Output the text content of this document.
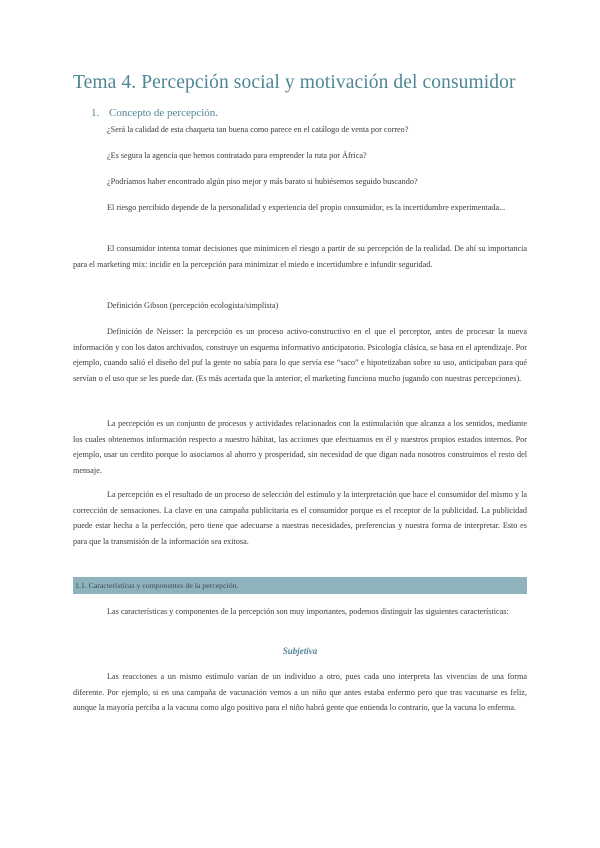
Tema 4. Percepción social y motivación del consumidor
1. Concepto de percepción.

¿Será la calidad de esta chaqueta tan buena como parece en el catálogo de venta por correo?

¿Es segura la agencia que hemos contratado para emprender la ruta por África?

¿Podríamos haber encontrado algún piso mejor y más barato si hubiésemos seguido buscando?

El riesgo percibido depende de la personalidad y experiencia del propio consumidor, es la incertidumbre experimentada...

El consumidor intenta tomar decisiones que minimicen el riesgo a partir de su percepción de la realidad. De ahí su importancia para el marketing mix: incidir en la percepción para minimizar el miedo e incertidumbre e infundir seguridad.

Definición Gibson (percepción ecologista/simplista)

Definición de Neisser: la percepción es un proceso activo-constructivo en el que el perceptor, antes de procesar la nueva información y con los datos archivados, construye un esquema informativo anticipatorio. Psicología clásica, se basa en el aprendizaje. Por ejemplo, cuando salió el diseño del puf la gente no sabía para lo que servía ese “saco” e hipotetizaban sobre su uso, anticipaban para qué servían o el uso que se les puede dar. (Es más acertada que la anterior, el marketing funciona mucho jugando con nuestras percepciones).

La percepción es un conjunto de procesos y actividades relacionados con la estimulación que alcanza a los sentidos, mediante los cuales obtenemos información respecto a nuestro hábitat, las acciones que efectuamos en él y nuestros propios estados internos. Por ejemplo, usar un cerdito porque lo asociamos al ahorro y prosperidad, sin necesidad de que digan nada nosotros construimos el resto del mensaje.

La percepción es el resultado de un proceso de selección del estímulo y la interpretación que hace el consumidor del mismo y la corrección de sensaciones. La clave en una campaña publicitaria es el consumidor porque es el receptor de la publicidad. La publicidad puede estar hecha a la perfección, pero tiene que adecuarse a nuestras necesidades, preferencias y nuestra forma de interpretar. Esto es para que la transmisión de la información sea exitosa.

1.1. Características y componentes de la percepción.

Las características y componentes de la percepción son muy importantes, podemos distinguir las siguientes características:

Subjetiva

Las reacciones a un mismo estímulo varían de un individuo a otro, pues cada uno interpreta las vivencias de una forma diferente. Por ejemplo, si en una campaña de vacunación vemos a un niño que antes estaba enfermo pero que tras vacunarse es feliz, aunque la mayoría perciba a la vacuna como algo positivo para el niño habrá gente que entienda lo contrario, que la vacuna lo enferma.
